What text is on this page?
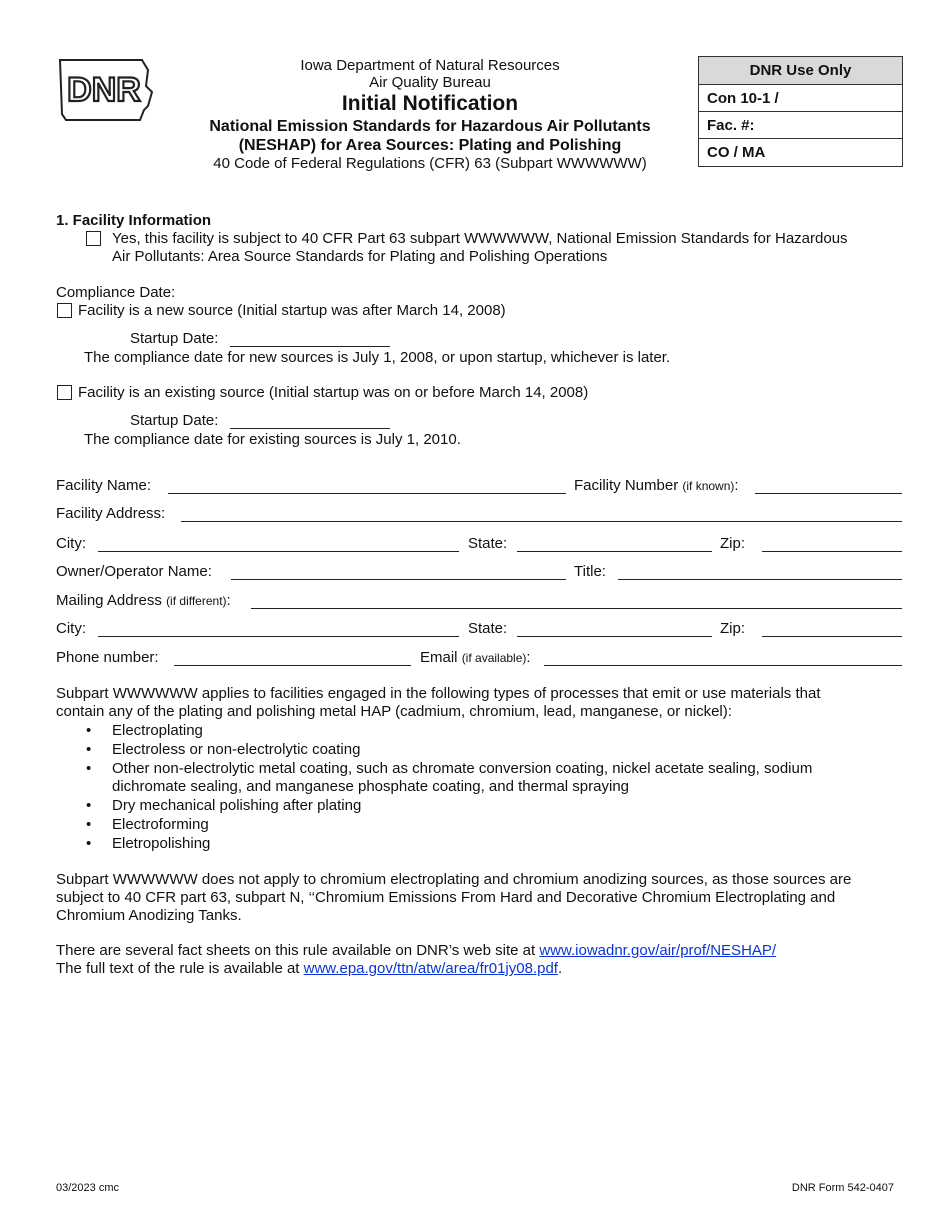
DNR
Iowa Department of Natural Resources
Air Quality Bureau
Initial Notification
National Emission Standards for Hazardous Air Pollutants
(NESHAP) for Area Sources: Plating and Polishing
40 Code of Federal Regulations (CFR) 63 (Subpart WWWWWW)
DNR Use Only
Con 10-1 /
Fac. #:
CO / MA
1. Facility Information
Yes, this facility is subject to 40 CFR Part 63 subpart WWWWWW, National Emission Standards for Hazardous
Air Pollutants: Area Source Standards for Plating and Polishing Operations
Compliance Date:
Facility is a new source (Initial startup was after March 14, 2008)
Startup Date:
The compliance date for new sources is July 1, 2008, or upon startup, whichever is later.
Facility is an existing source (Initial startup was on or before March 14, 2008)
Startup Date:
The compliance date for existing sources is July 1, 2010.
Facility Name:	Facility Number (if known):
Facility Address:
City:	State:	Zip:
Owner/Operator Name:	Title:
Mailing Address (if different):
City:	State:	Zip:
Phone number:	Email (if available):
Subpart WWWWWW applies to facilities engaged in the following types of processes that emit or use materials that
contain any of the plating and polishing metal HAP (cadmium, chromium, lead, manganese, or nickel):
• Electroplating
• Electroless or non-electrolytic coating
• Other non-electrolytic metal coating, such as chromate conversion coating, nickel acetate sealing, sodium
dichromate sealing, and manganese phosphate coating, and thermal spraying
• Dry mechanical polishing after plating
• Electroforming
• Eletropolishing
Subpart WWWWWW does not apply to chromium electroplating and chromium anodizing sources, as those sources are
subject to 40 CFR part 63, subpart N, ‘‘Chromium Emissions From Hard and Decorative Chromium Electroplating and
Chromium Anodizing Tanks.
There are several fact sheets on this rule available on DNR’s web site at www.iowadnr.gov/air/prof/NESHAP/
The full text of the rule is available at www.epa.gov/ttn/atw/area/fr01jy08.pdf.
03/2023 cmc	DNR Form 542-0407
